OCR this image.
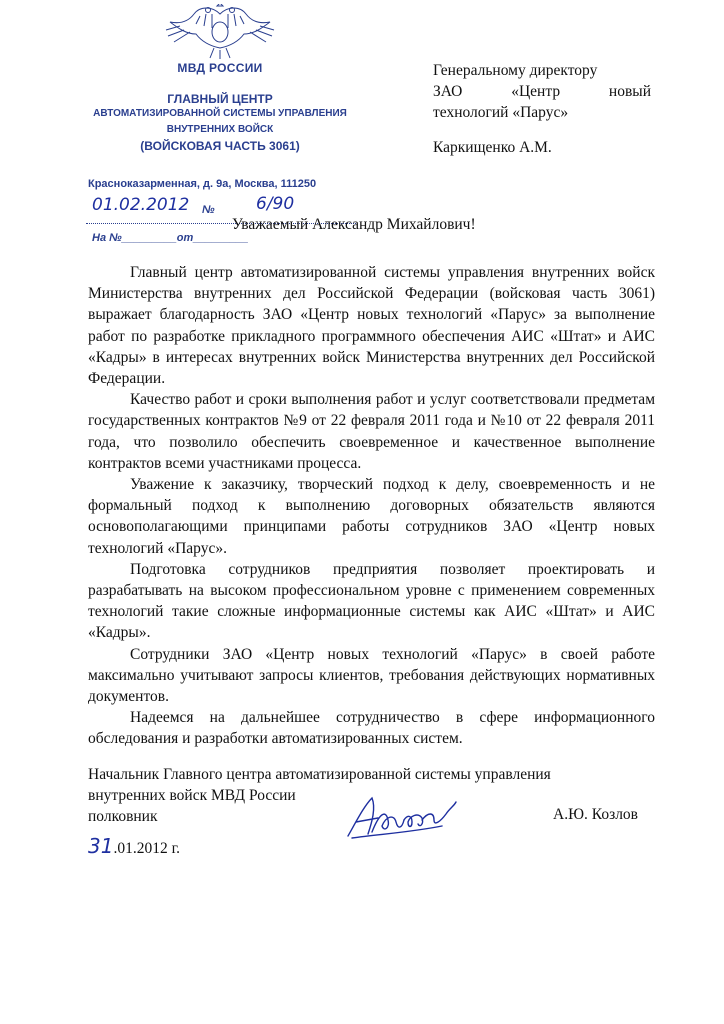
МВД РОССИИ
ГЛАВНЫЙ ЦЕНТР
АВТОМАТИЗИРОВАННОЙ СИСТЕМЫ УПРАВЛЕНИЯ
ВНУТРЕННИХ ВОЙСК
(ВОЙСКОВАЯ ЧАСТЬ 3061)
Красноказарменная, д. 9а, Москва, 111250
01.02.2012 № 6/90
На №_________от_________
Генеральному директору
ЗАО «Центр новый
технологий «Парус»
Каркищенко А.М.
Уважаемый Александр Михайлович!

Главный центр автоматизированной системы управления внутренних войск Министерства внутренних дел Российской Федерации (войсковая часть 3061) выражает благодарность ЗАО «Центр новых технологий «Парус» за выполнение работ по разработке прикладного программного обеспечения АИС «Штат» и АИС «Кадры» в интересах внутренних войск Министерства внутренних дел Российской Федерации.

Качество работ и сроки выполнения работ и услуг соответствовали предметам государственных контрактов №9 от 22 февраля 2011 года и №10 от 22 февраля 2011 года, что позволило обеспечить своевременное и качественное выполнение контрактов всеми участниками процесса.

Уважение к заказчику, творческий подход к делу, своевременность и не формальный подход к выполнению договорных обязательств являются основополагающими принципами работы сотрудников ЗАО «Центр новых технологий «Парус».

Подготовка сотрудников предприятия позволяет проектировать и разрабатывать на высоком профессиональном уровне с применением современных технологий такие сложные информационные системы как АИС «Штат» и АИС «Кадры».

Сотрудники ЗАО «Центр новых технологий «Парус» в своей работе максимально учитывают запросы клиентов, требования действующих нормативных документов.

Надеемся на дальнейшее сотрудничество в сфере информационного обследования и разработки автоматизированных систем.

Начальник Главного центра автоматизированной системы управления
внутренних войск МВД России
полковник	А.Ю. Козлов
31.01.2012 г.
